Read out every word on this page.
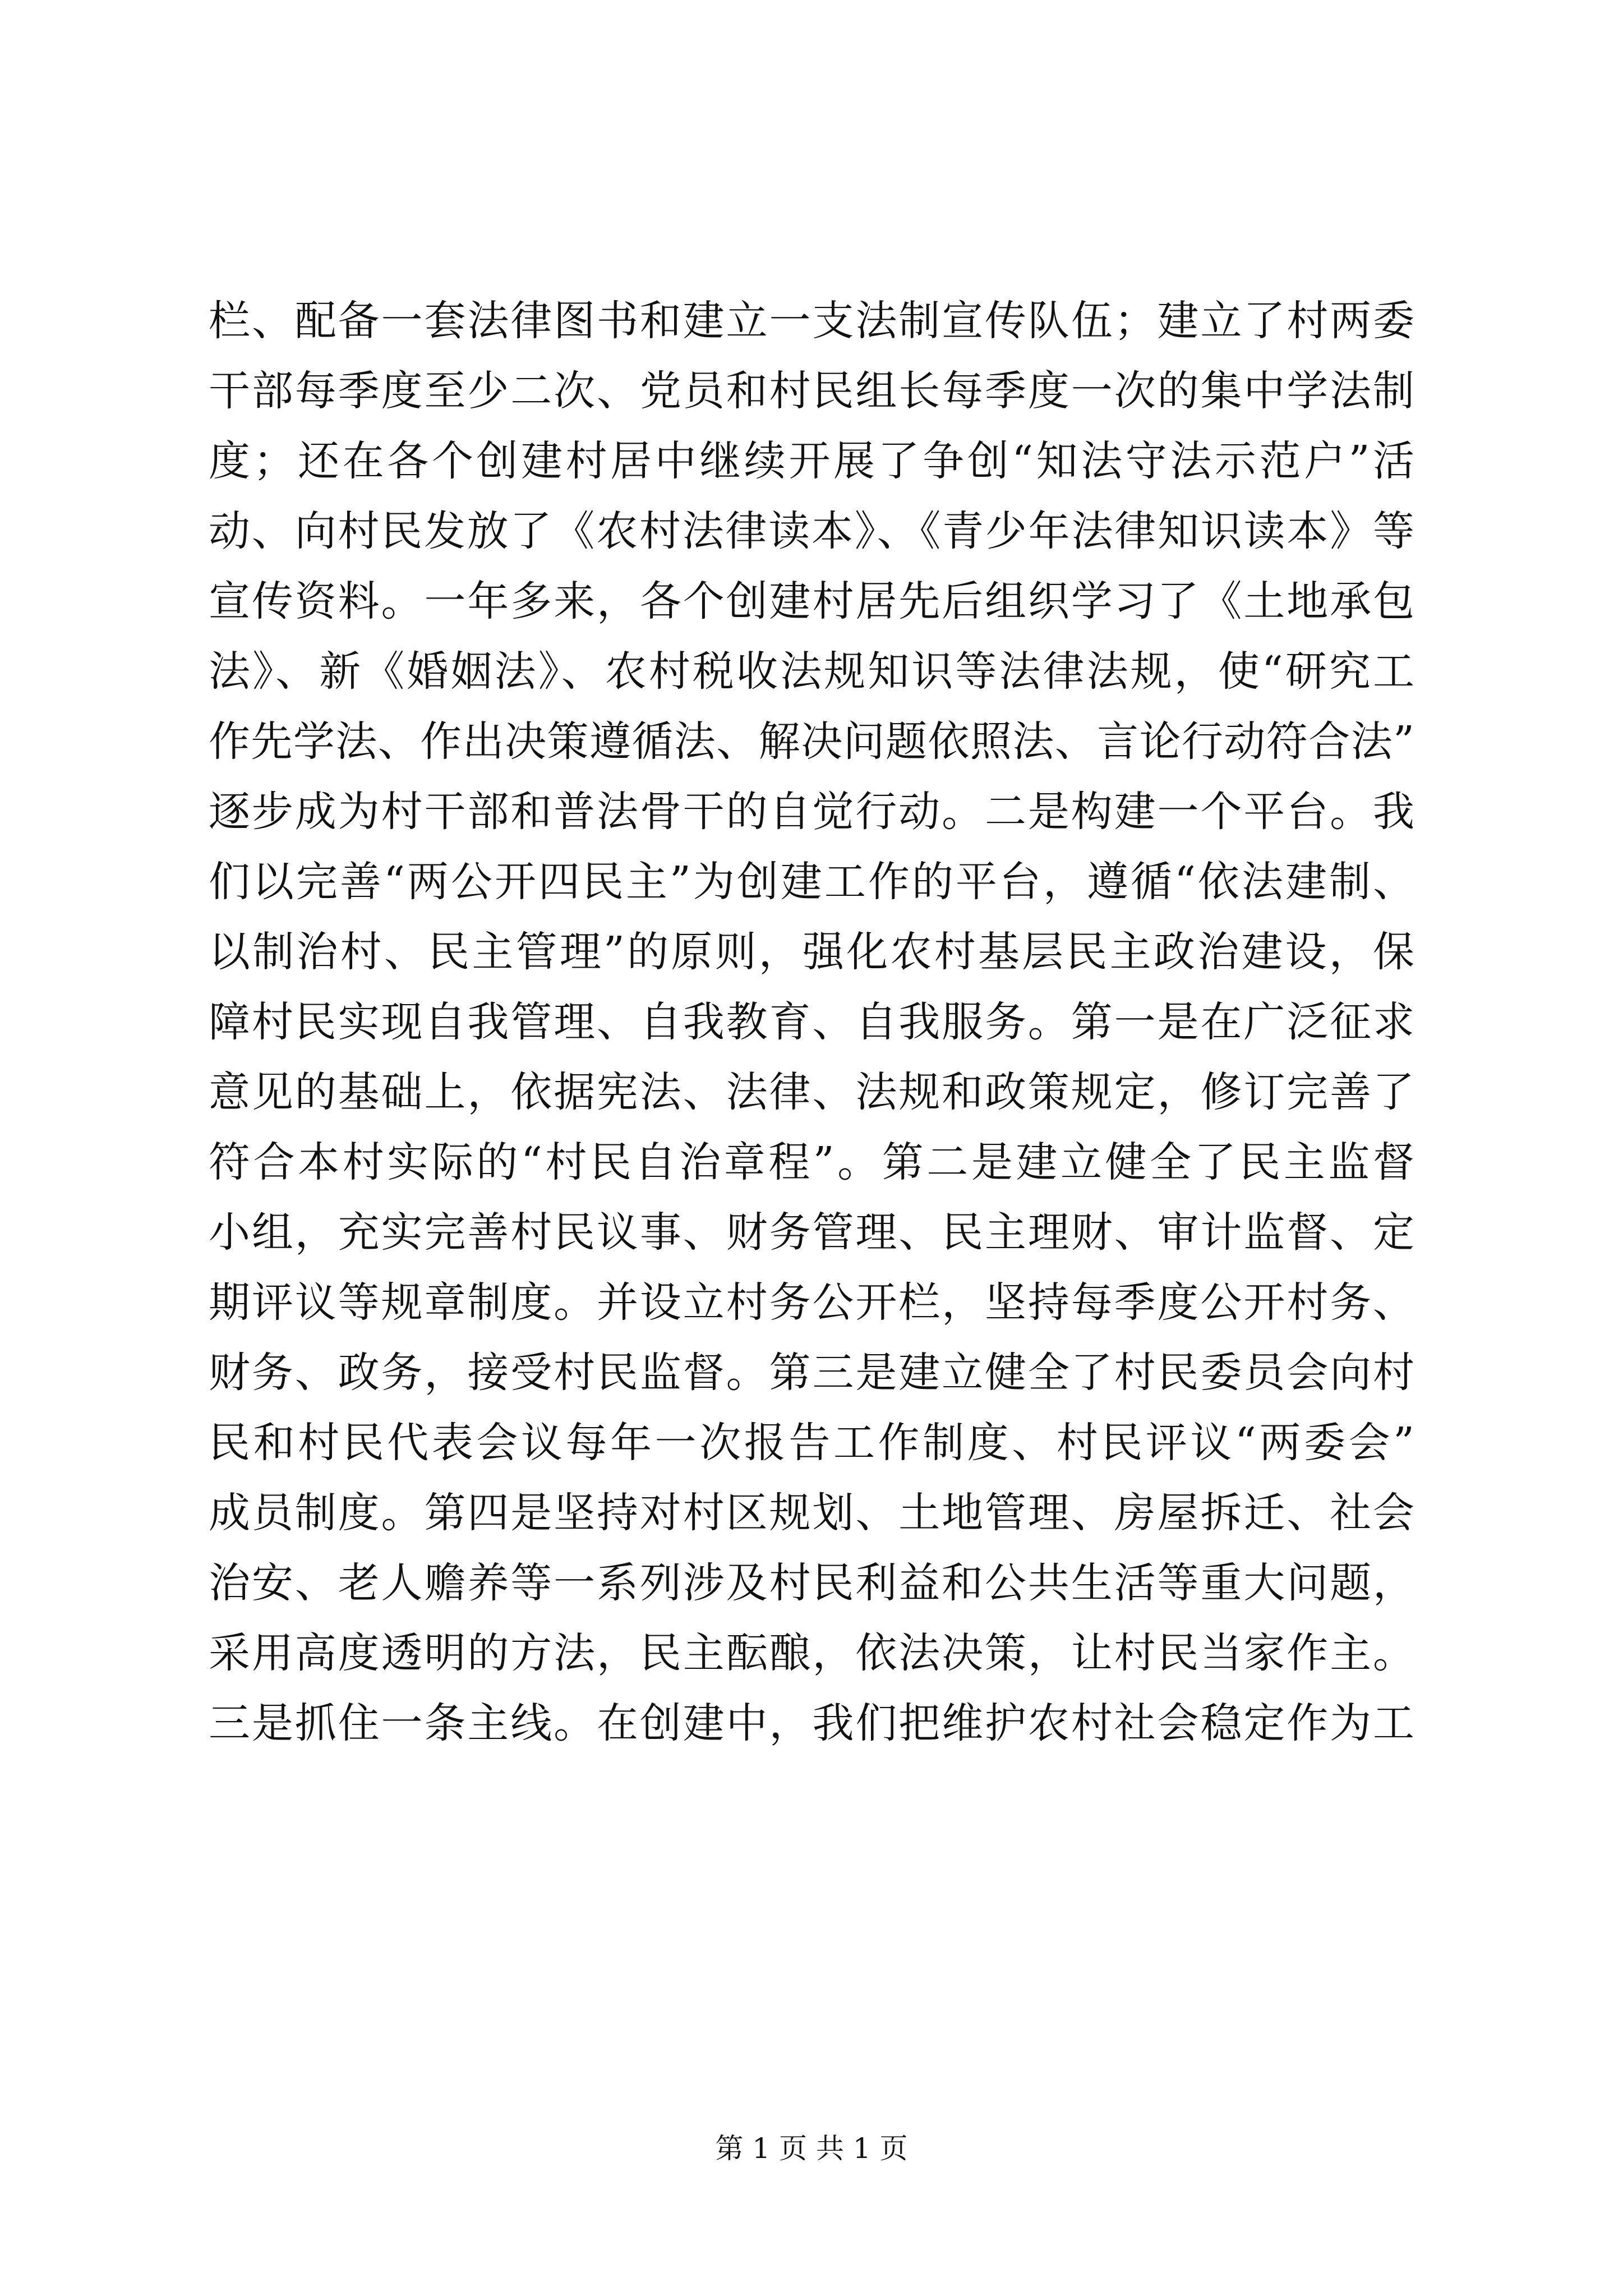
栏、配备一套法律图书和建立一支法制宣传队伍；建立了村两委
干部每季度至少二次、党员和村民组长每季度一次的集中学法制
度；还在各个创建村居中继续开展了争创“知法守法示范户”活
动、向村民发放了《农村法律读本》、《青少年法律知识读本》等
宣传资料。一年多来，各个创建村居先后组织学习了《土地承包
法》、新《婚姻法》、农村税收法规知识等法律法规，使“研究工
作先学法、作出决策遵循法、解决问题依照法、言论行动符合法”
逐步成为村干部和普法骨干的自觉行动。二是构建一个平台。我
们以完善“两公开四民主”为创建工作的平台，遵循“依法建制、
以制治村、民主管理”的原则，强化农村基层民主政治建设，保
障村民实现自我管理、自我教育、自我服务。第一是在广泛征求
意见的基础上，依据宪法、法律、法规和政策规定，修订完善了
符合本村实际的“村民自治章程”。第二是建立健全了民主监督
小组，充实完善村民议事、财务管理、民主理财、审计监督、定
期评议等规章制度。并设立村务公开栏，坚持每季度公开村务、
财务、政务，接受村民监督。第三是建立健全了村民委员会向村
民和村民代表会议每年一次报告工作制度、村民评议“两委会”
成员制度。第四是坚持对村区规划、土地管理、房屋拆迁、社会
治安、老人赡养等一系列涉及村民利益和公共生活等重大问题，
采用高度透明的方法，民主酝酿，依法决策，让村民当家作主。
三是抓住一条主线。在创建中，我们把维护农村社会稳定作为工
第 1 页 共 1 页
